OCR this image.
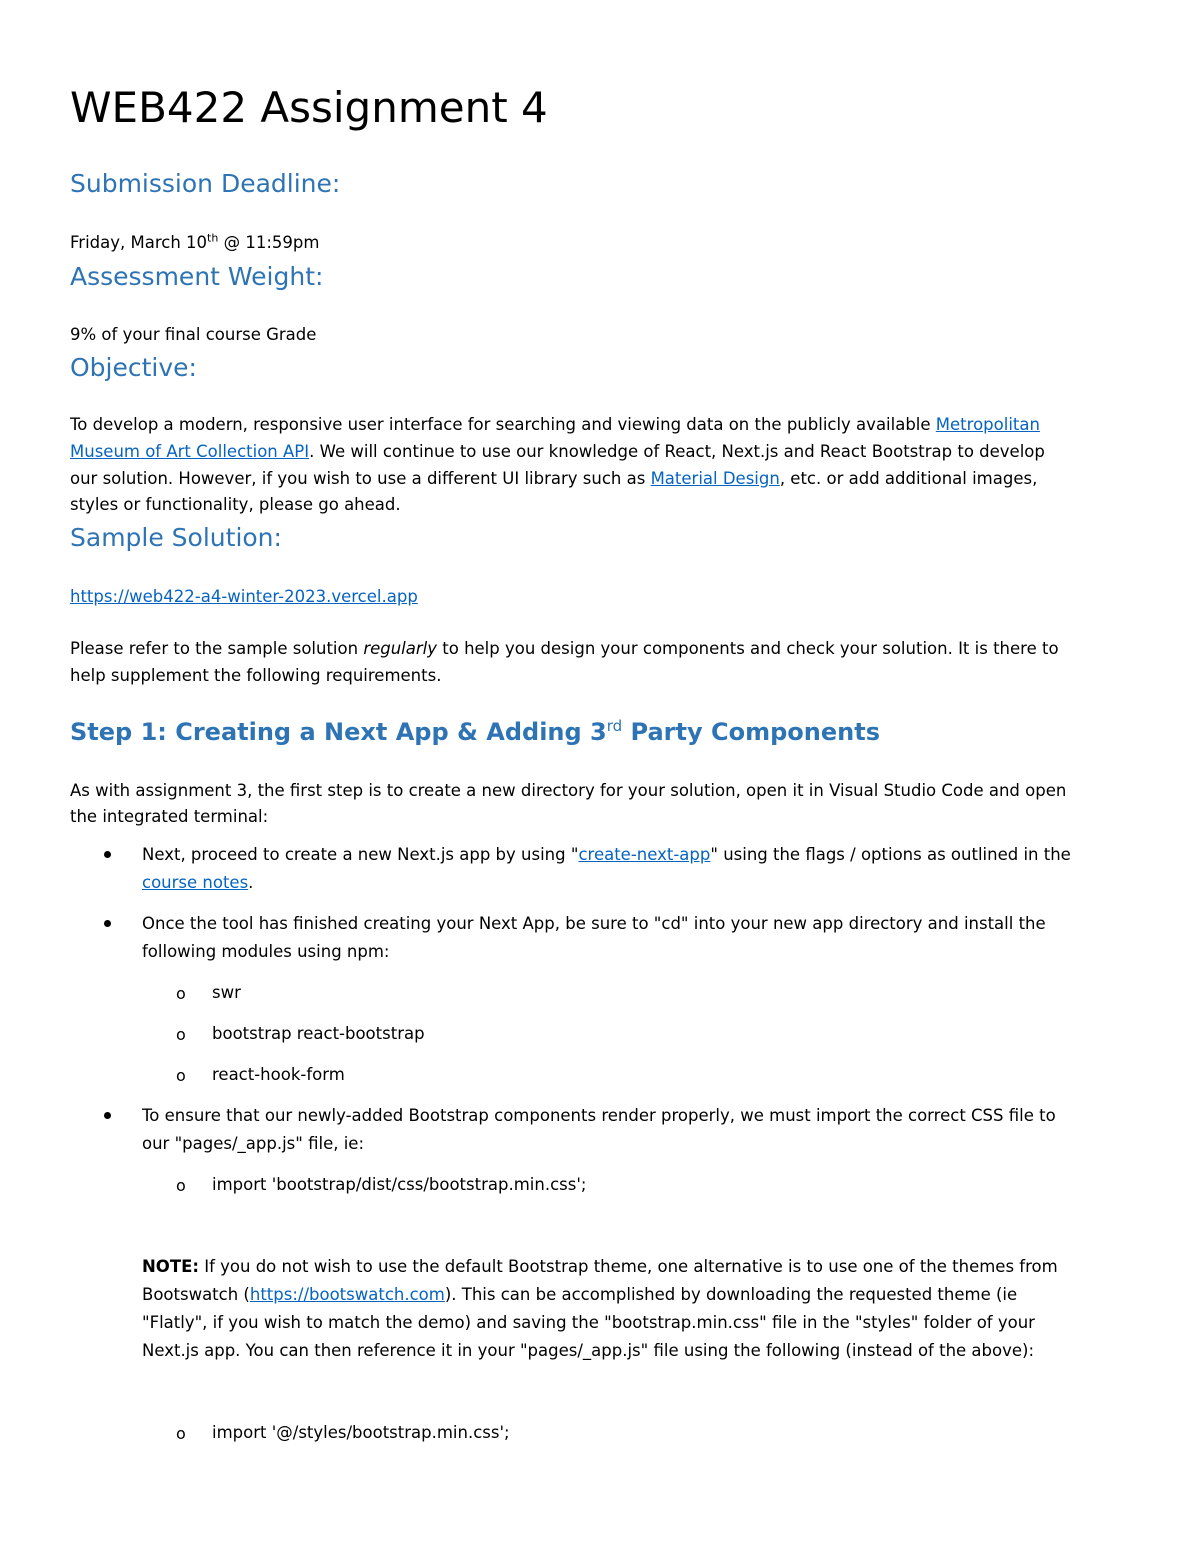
WEB422 Assignment 4
Submission Deadline:
Friday, March 10th @ 11:59pm
Assessment Weight:
9% of your final course Grade
Objective:
To develop a modern, responsive user interface for searching and viewing data on the publicly available Metropolitan
Museum of Art Collection API. We will continue to use our knowledge of React, Next.js and React Bootstrap to develop
our solution. However, if you wish to use a different UI library such as Material Design, etc. or add additional images,
styles or functionality, please go ahead.
Sample Solution:
https://web422-a4-winter-2023.vercel.app
Please refer to the sample solution regularly to help you design your components and check your solution. It is there to
help supplement the following requirements.
Step 1: Creating a Next App & Adding 3rd Party Components
As with assignment 3, the first step is to create a new directory for your solution, open it in Visual Studio Code and open
the integrated terminal:
Next, proceed to create a new Next.js app by using "create-next-app" using the flags / options as outlined in the
course notes.
Once the tool has finished creating your Next App, be sure to "cd" into your new app directory and install the
following modules using npm:
o swr
o bootstrap react-bootstrap
o react-hook-form
To ensure that our newly-added Bootstrap components render properly, we must import the correct CSS file to
our "pages/_app.js" file, ie:
o import 'bootstrap/dist/css/bootstrap.min.css';
NOTE: If you do not wish to use the default Bootstrap theme, one alternative is to use one of the themes from
Bootswatch (https://bootswatch.com). This can be accomplished by downloading the requested theme (ie
"Flatly", if you wish to match the demo) and saving the "bootstrap.min.css" file in the "styles" folder of your
Next.js app. You can then reference it in your "pages/_app.js" file using the following (instead of the above):
o import '@/styles/bootstrap.min.css';
